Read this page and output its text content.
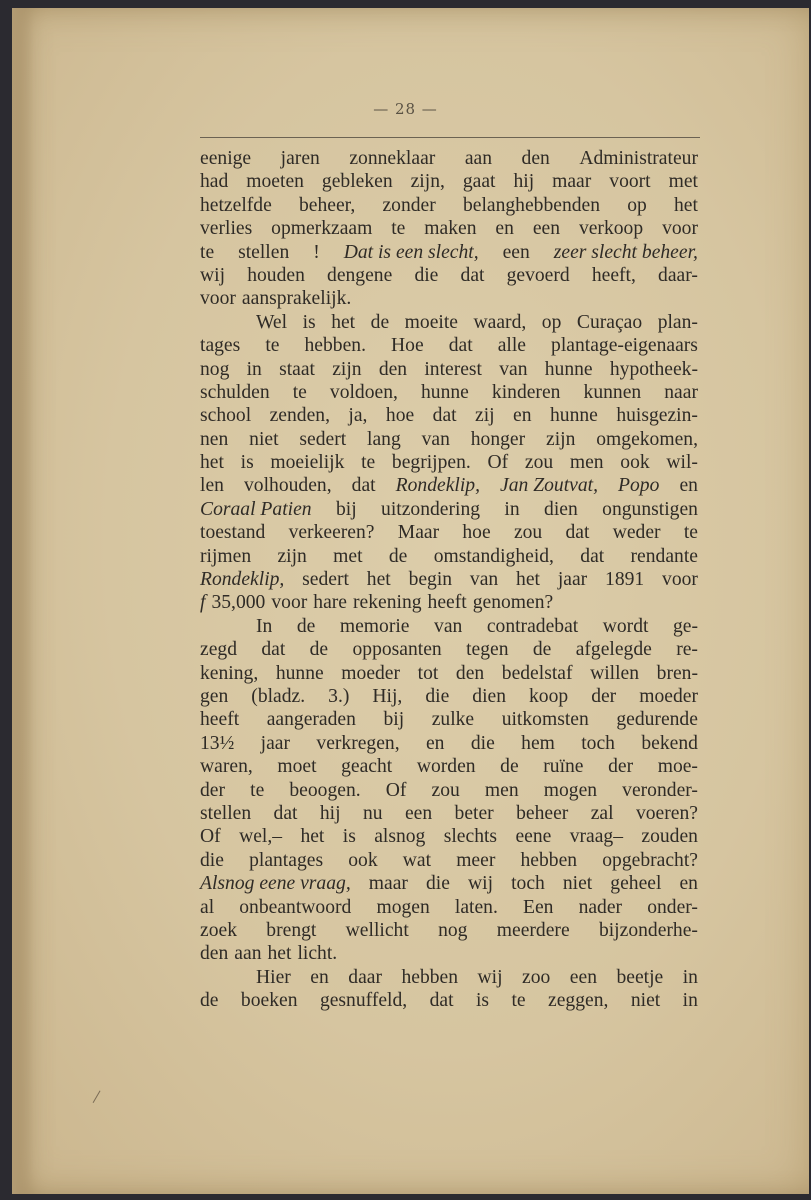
— 28 —
eenige jaren zonneklaar aan den Administrateur
had moeten gebleken zijn, gaat hij maar voort met
hetzelfde beheer, zonder belanghebbenden op het
verlies opmerkzaam te maken en een verkoop voor
te stellen ! Dat is een slecht, een zeer slecht beheer,
wij houden dengene die dat gevoerd heeft, daar-
voor aansprakelijk.
Wel is het de moeite waard, op Curaçao plan-
tages te hebben. Hoe dat alle plantage-eigenaars
nog in staat zijn den interest van hunne hypotheek-
schulden te voldoen, hunne kinderen kunnen naar
school zenden, ja, hoe dat zij en hunne huisgezin-
nen niet sedert lang van honger zijn omgekomen,
het is moeielijk te begrijpen. Of zou men ook wil-
len volhouden, dat Rondeklip, Jan Zoutvat, Popo en
Coraal Patien bij uitzondering in dien ongunstigen
toestand verkeeren? Maar hoe zou dat weder te
rijmen zijn met de omstandigheid, dat rendante
Rondeklip, sedert het begin van het jaar 1891 voor
f 35,000 voor hare rekening heeft genomen?
In de memorie van contradebat wordt ge-
zegd dat de opposanten tegen de afgelegde re-
kening, hunne moeder tot den bedelstaf willen bren-
gen (bladz. 3.) Hij, die dien koop der moeder
heeft aangeraden bij zulke uitkomsten gedurende
13½ jaar verkregen, en die hem toch bekend
waren, moet geacht worden de ruïne der moe-
der te beoogen. Of zou men mogen veronder-
stellen dat hij nu een beter beheer zal voeren?
Of wel,– het is alsnog slechts eene vraag– zouden
die plantages ook wat meer hebben opgebracht?
Alsnog eene vraag, maar die wij toch niet geheel en
al onbeantwoord mogen laten. Een nader onder-
zoek brengt wellicht nog meerdere bijzonderhe-
den aan het licht.
Hier en daar hebben wij zoo een beetje in
de boeken gesnuffeld, dat is te zeggen, niet in
